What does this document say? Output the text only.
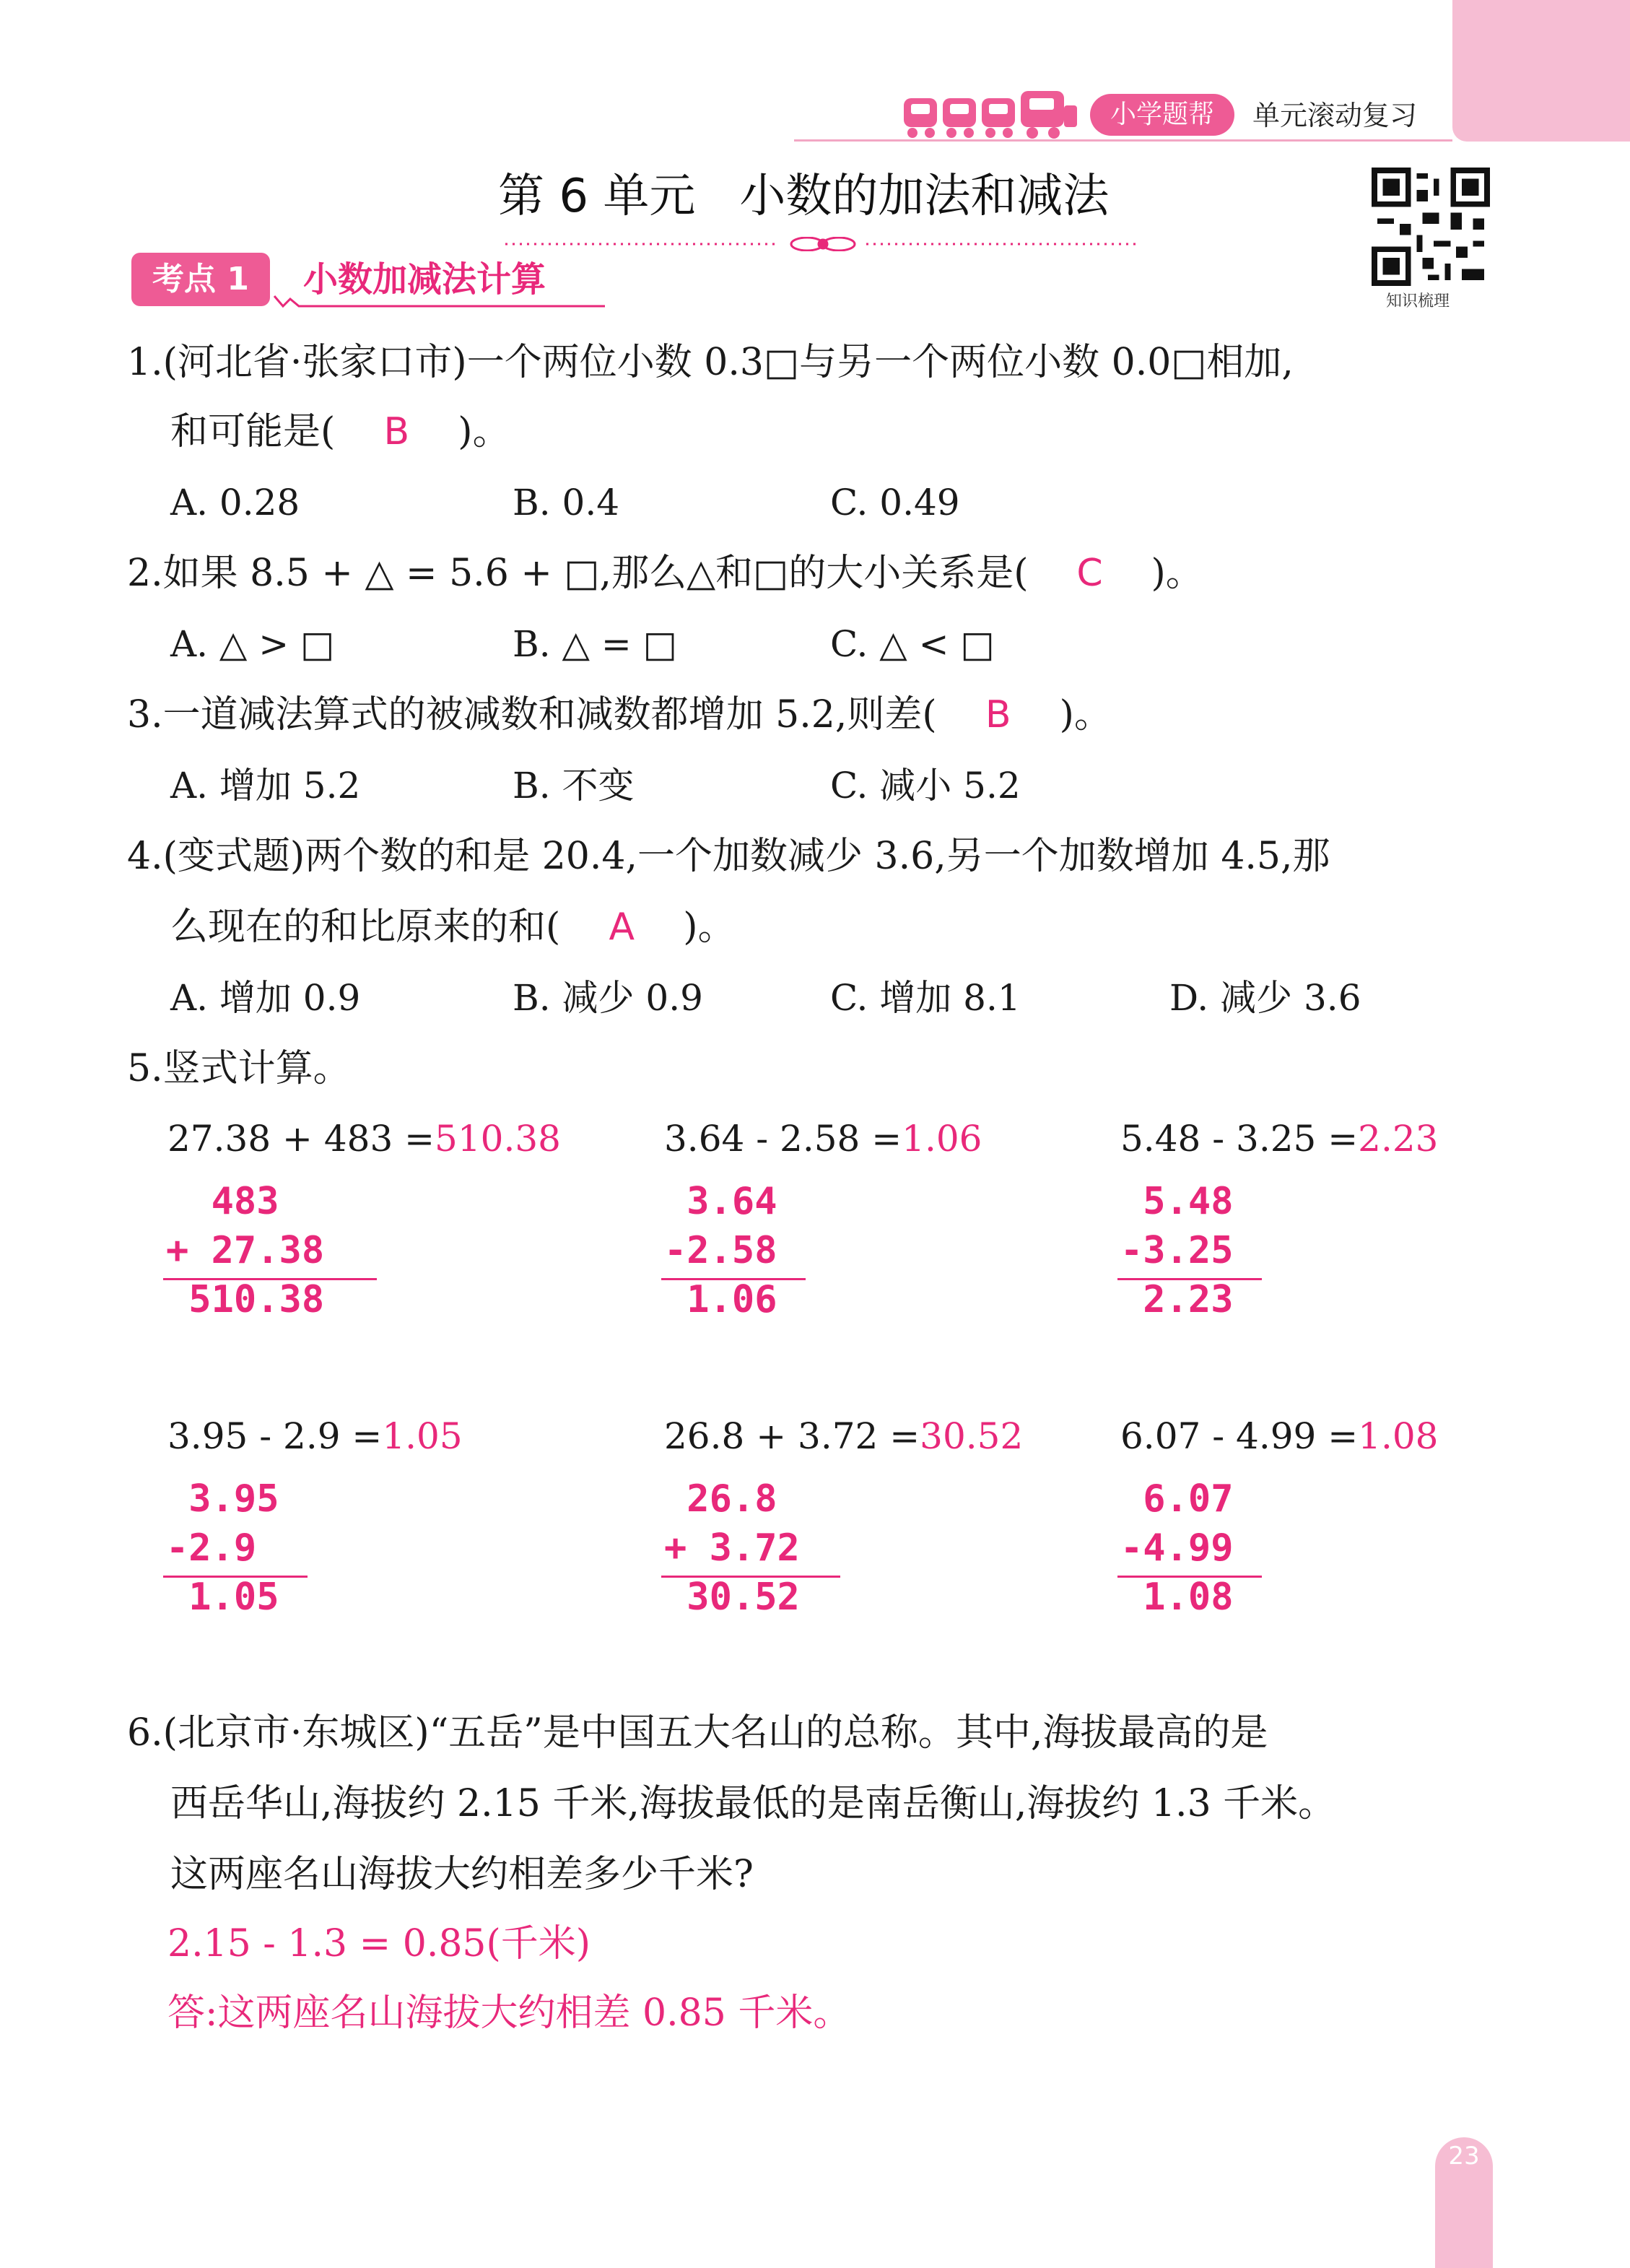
小学题帮	单元滚动复习
第 6 单元   小数的加法和减法
知识梳理
考点 1	小数加减法计算
1.(河北省·张家口市)一个两位小数 0.3□与另一个两位小数 0.0□相加,
和可能是( B )。
A. 0.28	B. 0.4	C. 0.49
2.如果 8.5 + △ = 5.6 + □,那么△和□的大小关系是( C )。
A. △ > □	B. △ = □	C. △ < □
3.一道减法算式的被减数和减数都增加 5.2,则差( B )。
A. 增加 5.2	B. 不变	C. 减小 5.2
4.(变式题)两个数的和是 20.4,一个加数减少 3.6,另一个加数增加 4.5,那
么现在的和比原来的和( A )。
A. 增加 0.9	B. 减少 0.9	C. 增加 8.1	D. 减少 3.6
5.竖式计算。
27.38 + 483 =510.38
483
+ 27.38
510.38
3.64 - 2.58 =1.06
3.64
-2.58
1.06
5.48 - 3.25 =2.23
5.48
-3.25
2.23
3.95 - 2.9 =1.05
3.95
-2.9
1.05
26.8 + 3.72 =30.52
26.8
+ 3.72
30.52
6.07 - 4.99 =1.08
6.07
-4.99
1.08
6.(北京市·东城区)“五岳”是中国五大名山的总称。其中,海拔最高的是
西岳华山,海拔约 2.15 千米,海拔最低的是南岳衡山,海拔约 1.3 千米。
这两座名山海拔大约相差多少千米?
2.15 - 1.3 = 0.85(千米)
答:这两座名山海拔大约相差 0.85 千米。
23
